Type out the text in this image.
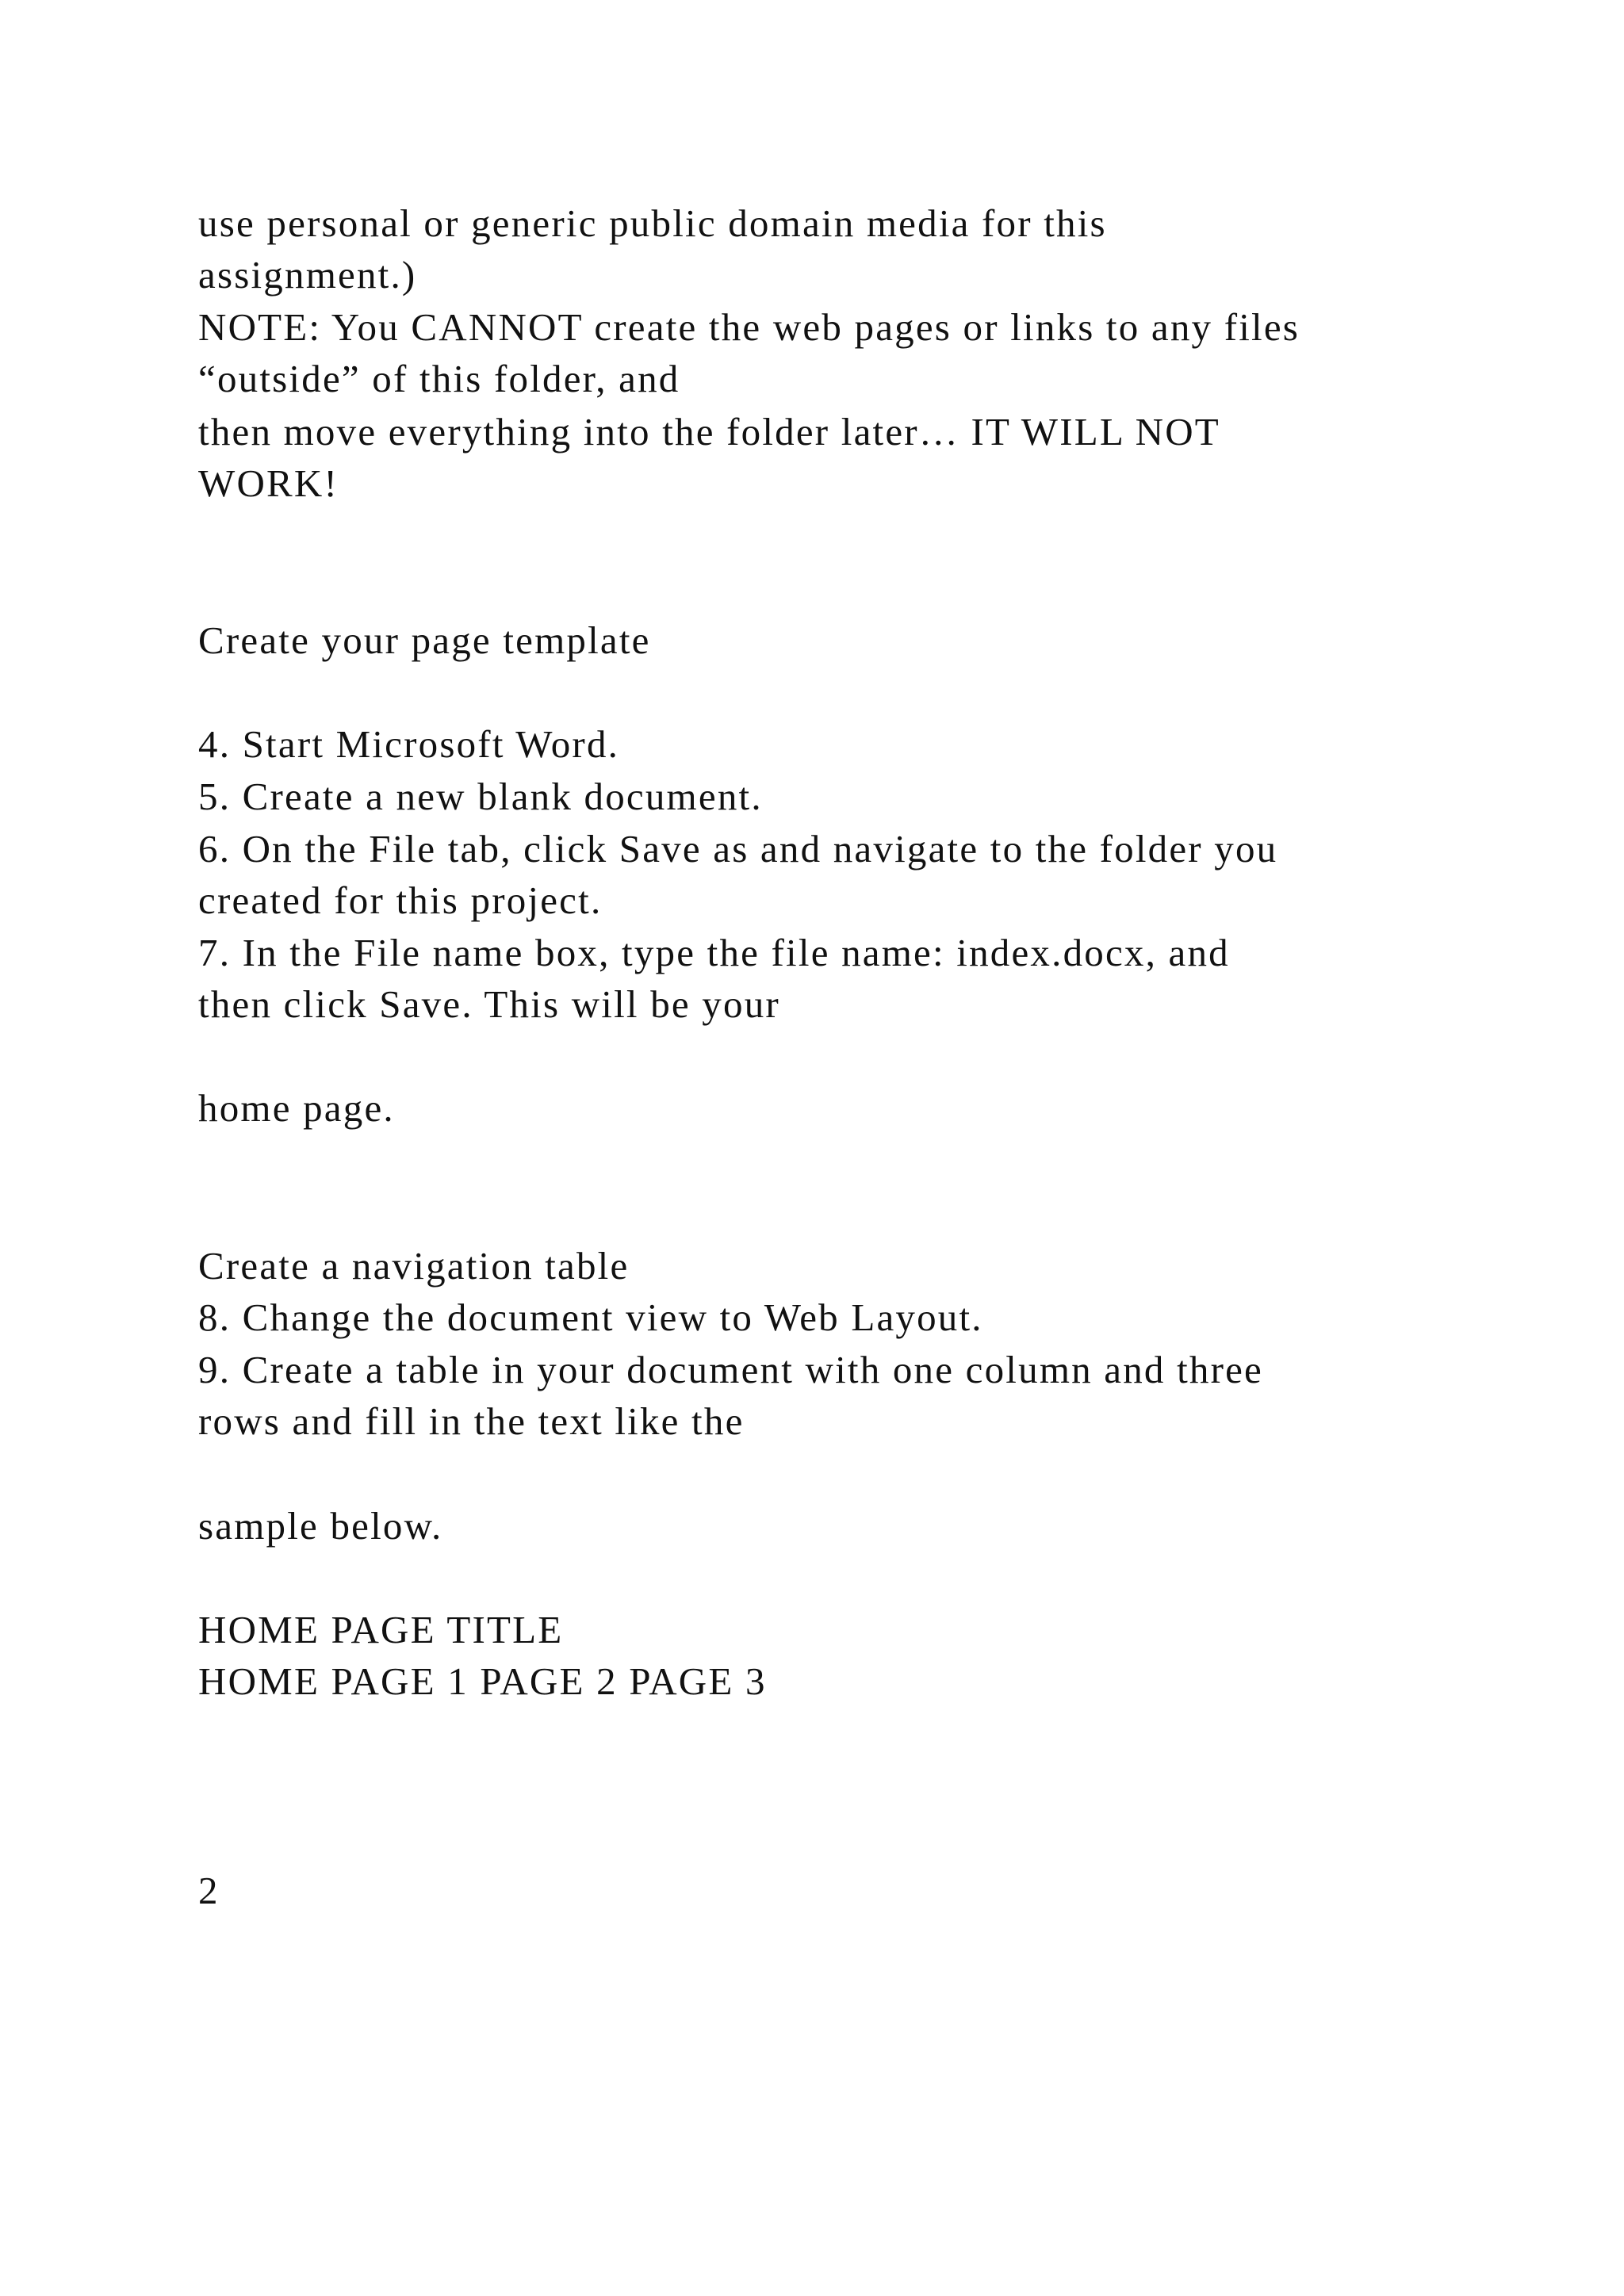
use personal or generic public domain media for this
assignment.)
NOTE: You CANNOT create the web pages or links to any files
“outside” of this folder, and
then move everything into the folder later… IT WILL NOT
WORK!
Create your page template
4. Start Microsoft Word.
5. Create a new blank document.
6. On the File tab, click Save as and navigate to the folder you
created for this project.
7. In the File name box, type the file name: index.docx, and
then click Save. This will be your
home page.
Create a navigation table
8. Change the document view to Web Layout.
9. Create a table in your document with one column and three
rows and fill in the text like the
sample below.
HOME PAGE TITLE
HOME PAGE 1 PAGE 2 PAGE 3
2
